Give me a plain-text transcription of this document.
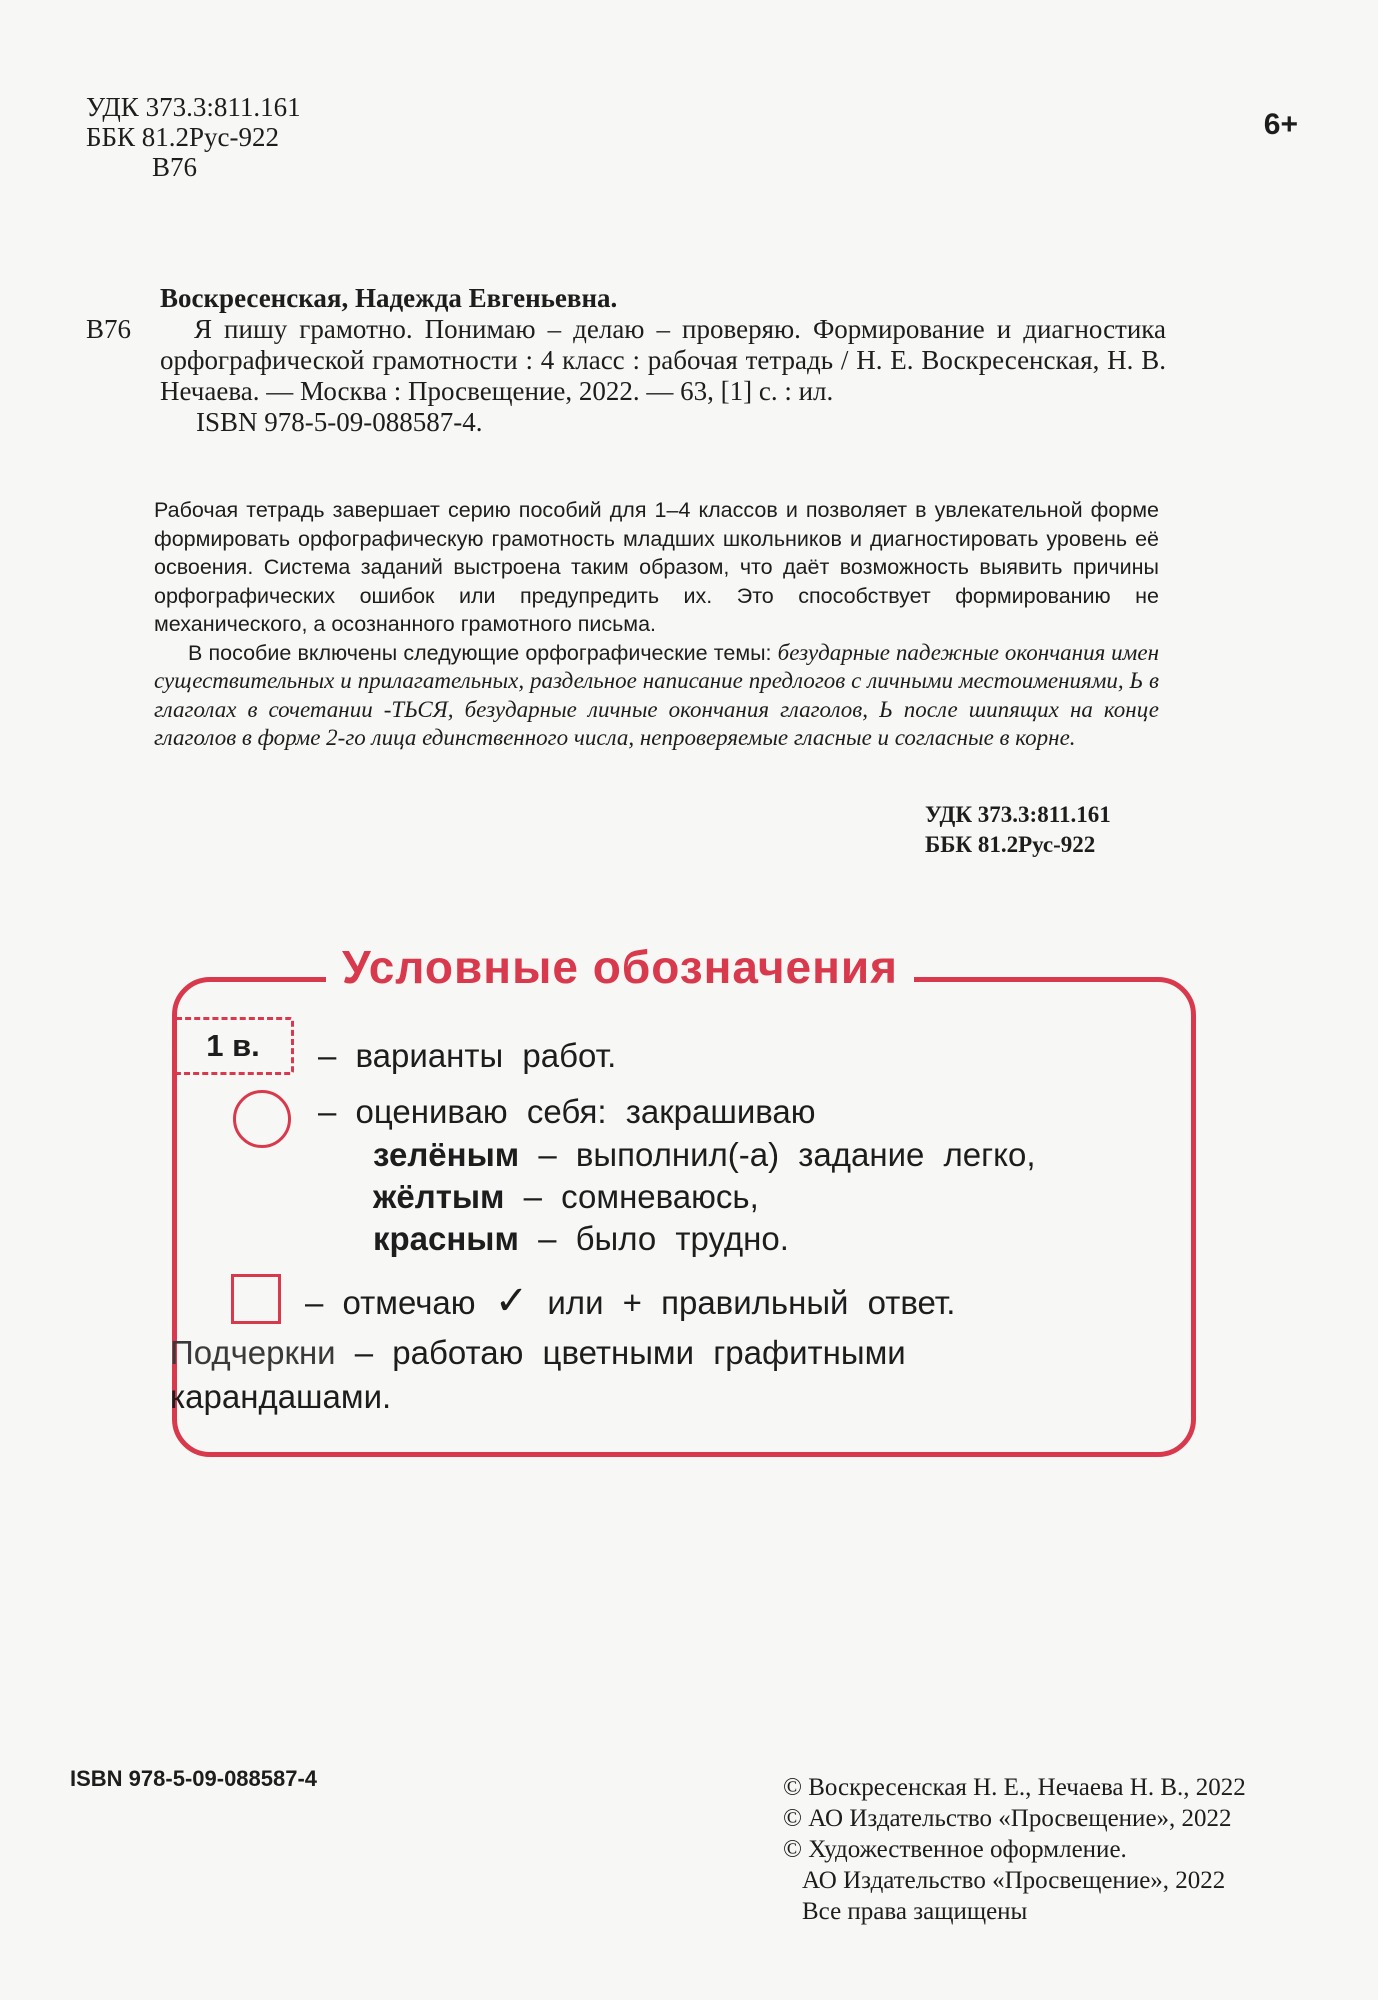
УДК 373.3:811.161
ББК 81.2Рус-922
В76
6+
Воскресенская, Надежда Евгеньевна.
В76	Я пишу грамотно. Понимаю – делаю – проверяю. Формирование и диагностика орфографической грамотности : 4 класс : рабочая тетрадь / Н. Е. Воскресенская, Н. В. Нечаева. — Москва : Просвещение, 2022. — 63, [1] с. : ил.
ISBN 978-5-09-088587-4.

Рабочая тетрадь завершает серию пособий для 1–4 классов и позволяет в увлекательной форме формировать орфографическую грамотность младших школьников и диагностировать уровень её освоения. Система заданий выстроена таким образом, что даёт возможность выявить причины орфографических ошибок или предупредить их. Это способствует формированию не механического, а осознанного грамотного письма.

В пособие включены следующие орфографические темы: безударные падежные окончания имен существительных и прилагательных, раздельное написание предлогов с личными местоимениями, Ь в глаголах в сочетании -ТЬСЯ, безударные личные окончания глаголов, Ь после шипящих на конце глаголов в форме 2-го лица единственного числа, непроверяемые гласные и согласные в корне.

УДК 373.3:811.161
ББК 81.2Рус-922
Условные обозначения
1 в.	– варианты работ.
– оцениваю себя: закрашиваю
зелёным – выполнил(-а) задание легко,
жёлтым – сомневаюсь,
красным – было трудно.
– отмечаю ✓ или + правильный ответ.
Подчеркни – работаю цветными графитными
карандашами.
ISBN 978-5-09-088587-4	© Воскресенская Н. Е., Нечаева Н. В., 2022
© АО Издательство «Просвещение», 2022
© Художественное оформление.
АО Издательство «Просвещение», 2022
Все права защищены
